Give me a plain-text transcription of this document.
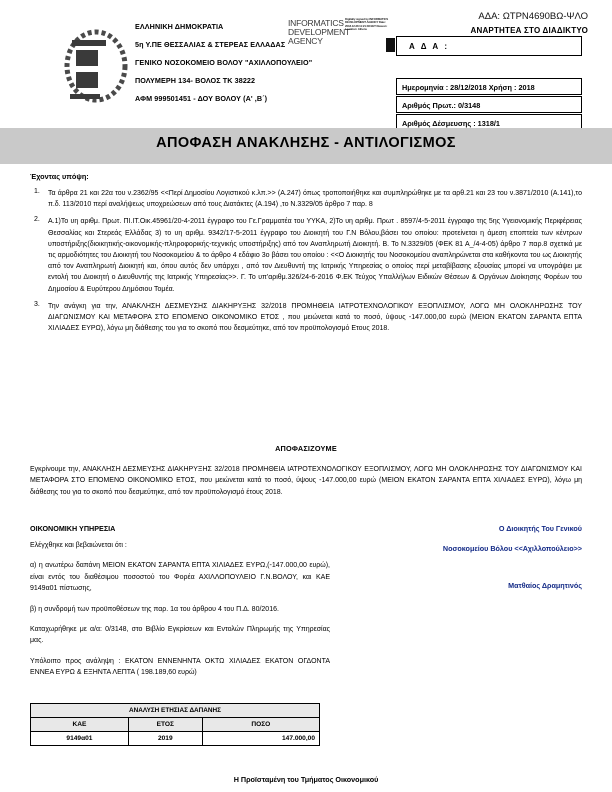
ΑΔΑ: ΩΤΡΝ4690ΒΩ-ΨΛΟ
ΑΝΑΡΤΗΤΕΑ ΣΤΟ ΔΙΑΔΙΚΤΥΟ
ΕΛΛΗΝΙΚΗ ΔΗΜΟΚΡΑΤΙΑ
5η Υ.ΠΕ ΘΕΣΣΑΛΙΑΣ & ΣΤΕΡΕΑΣ ΕΛΛΑΔΑΣ
ΓΕΝΙΚΟ ΝΟΣΟΚΟΜΕΙΟ ΒΟΛΟΥ "ΑΧΙΛΛΟΠΟΥΛΕΙΟ"
ΠΟΛΥΜΕΡΗ 134- ΒΟΛΟΣ ΤΚ 38222
ΑΦΜ 999501451 - ΔΟΥ ΒΟΛΟΥ (Α' ,Β΄)
INFORMATICS DEVELOPMENT AGENCY
Digitally signed by INFORMATICS DEVELOPMENT AGENCY Date: 2018.12.28 11:21:48 EET Reason: Location: Athens
Α Δ Α :
Ημερομηνία : 28/12/2018 Χρήση : 2018
Αριθμός Πρωτ.: 0/3148
Αριθμός Δέσμευσης : 1318/1
ΑΠΟΦΑΣΗ ΑΝΑΚΛΗΣΗΣ - ΑΝΤΙΛΟΓΙΣΜΟΣ
Έχοντας υπόψη:
1.	Τα άρθρα 21 και 22α του ν.2362/95 <<Περί Δημοσίου Λογιστικού κ.λπ.>> (Α.247) όπως τροποποιήθηκε και συμπληρώθηκε με τα αρθ.21 και 23 του ν.3871/2010 (Α.141),το π.δ. 113/2010 περί αναλήψεως υποχρεώσεων από τους Διατάκτες (Α.194) ,το Ν.3329/05 άρθρο 7 παρ. 8
2.	Α.1)Το υη αριθμ. Πρωτ. ΠΙ.ΙΤ.Οικ.45961/20-4-2011 έγγραφο του Γε.Γραμματέα του ΥΥΚΑ, 2)Το υη αριθμ. Πρωτ . 8597/4-5-2011 έγγραφο της 5ης Υγειονομικής Περιφέρειας Θεσσαλίας και Στερεάς Ελλάδας 3) το υη αριθμ. 9342/17-5-2011 έγγραφο του Διοικητή του Γ.Ν Βόλου,βάσει του οποίου: προτείνεται η άμεση εποπτεία των κέντρων υποστήριξης(διοικητικής-οικονομικής-πληροφορικής-τεχνικής υποστήριξης) από τον Αναπληρωτή Διοικητή. Β. Το Ν.3329/05 (ΦΕΚ 81 Α_/4-4-05) άρθρο 7 παρ.8 σχετικά με τις αρμοδιότητες του Διοικητή του Νοσοκομείου & το άρθρο 4 εδάφιο 3ο βάσει του οποίου : <<Ο Διοικητής του Νοσοκομείου αναπληρώνεται στα καθήκοντα του ως Διοικητής από τον Αναπληρωτή Διοικητή και, όπου αυτός δεν υπάρχει , από τον Διευθυντή της Ιατρικής Υπηρεσίας ο οποίος περί μεταβίβασης εξουσίας μπορεί να υπογράψει με εντολή του Διοικητή ο Διευθυντής της Ιατρικής Υπηρεσίας>>. Γ. Το υπ'αριθμ.326/24-6-2016 Φ.ΕΚ Τεύχος Υπαλλήλων Ειδικών Θέσεων & Οργάνων Διοίκησης Φορέων του Δημοσίου & Ευρύτερου Δημόσιου Τομέα.
3.	Την ανάγκη για την, ΑΝΑΚΛΗΣΗ ΔΕΣΜΕΥΣΗΣ ΔΙΑΚΗΡΥΞΗΣ 32/2018 ΠΡΟΜΗΘΕΙΑ ΙΑΤΡΟΤΕΧΝΟΛΟΓΙΚΟΥ ΕΞΟΠΛΙΣΜΟΥ, ΛΟΓΩ ΜΗ ΟΛΟΚΛΗΡΩΣΗΣ ΤΟΥ ΔΙΑΓΩΝΙΣΜΟΥ ΚΑΙ ΜΕΤΑΦΟΡΑ ΣΤΟ ΕΠΟΜΕΝΟ ΟΙΚΟΝΟΜΙΚΟ ΕΤΟΣ , που μειώνεται κατά το ποσό, ύψους -147.000,00 ευρώ (ΜΕΙΟΝ ΕΚΑΤΟΝ ΣΑΡΑΝΤΑ ΕΠΤΑ ΧΙΛΙΑΔΕΣ ΕΥΡΩ), λόγω μη διάθεσης του για το σκοπό που δεσμεύτηκε, από τον προϋπολογισμό Ετους 2018.
ΑΠΟΦΑΣΙΖΟΥΜΕ
Εγκρίνουμε την, ΑΝΑΚΛΗΣΗ ΔΕΣΜΕΥΣΗΣ ΔΙΑΚΗΡΥΞΗΣ 32/2018 ΠΡΟΜΗΘΕΙΑ ΙΑΤΡΟΤΕΧΝΟΛΟΓΙΚΟΥ ΕΞΟΠΛΙΣΜΟΥ, ΛΟΓΩ ΜΗ ΟΛΟΚΛΗΡΩΣΗΣ ΤΟΥ ΔΙΑΓΩΝΙΣΜΟΥ ΚΑΙ ΜΕΤΑΦΟΡΑ ΣΤΟ ΕΠΟΜΕΝΟ ΟΙΚΟΝΟΜΙΚΟ ΕΤΟΣ, που μειώνεται κατά το ποσό, ύψους -147.000,00 ευρώ (ΜΕΙΟΝ ΕΚΑΤΟΝ ΣΑΡΑΝΤΑ ΕΠΤΑ ΧΙΛΙΑΔΕΣ ΕΥΡΩ), λόγω μη διάθεσης του για το σκοπό που δεσμεύτηκε, από τον προϋπολογισμό έτους 2018.
ΟΙΚΟΝΟΜΙΚΗ ΥΠΗΡΕΣΙΑ	Ο Διοικητής Του Γενικού
Νοσοκομείου Βόλου <<Αχιλλοπούλειο>>
Ματθαίος Δραμητινός

Ελέγχθηκε και βεβαιώνεται ότι :

α) η ανωτέρω δαπάνη ΜΕΙΟΝ ΕΚΑΤΟΝ ΣΑΡΑΝΤΑ ΕΠΤΑ ΧΙΛΙΑΔΕΣ ΕΥΡΩ,(-147.000,00 ευρώ), είναι εντός του διαθέσιμου ποσοστού του Φορέα ΑΧΙΛΛΟΠΟΥΛΕΙΟ Γ.Ν.ΒΟΛΟΥ, και ΚΑΕ 9149α01 πίστωσης,

β) η συνδρομή των προϋποθέσεων της παρ. 1α του άρθρου 4 του Π.Δ. 80/2016.

Καταχωρήθηκε με α/α: 0/3148, στο Βιβλίο Εγκρίσεων και Εντολών Πληρωμής της Υπηρεσίας μας.

Υπόλοιπο προς ανάληψη : ΕΚΑΤΟΝ ΕΝΝΕΝΗΝΤΑ ΟΚΤΩ ΧΙΛΙΑΔΕΣ ΕΚΑΤΟΝ ΟΓΔΟΝΤΑ ΕΝΝΕΑ ΕΥΡΩ & ΕΞΗΝΤΑ ΛΕΠΤΑ ( 198.189,60 ευρώ)

ΑΝΑΛΥΣΗ ΕΤΗΣΙΑΣ ΔΑΠΑΝΗΣ		
ΚΑΕ	ΕΤΟΣ	ΠΟΣΟ
9149α01	2019	147.000,00
Η Προϊσταμένη του Τμήματος Οικονομικού
